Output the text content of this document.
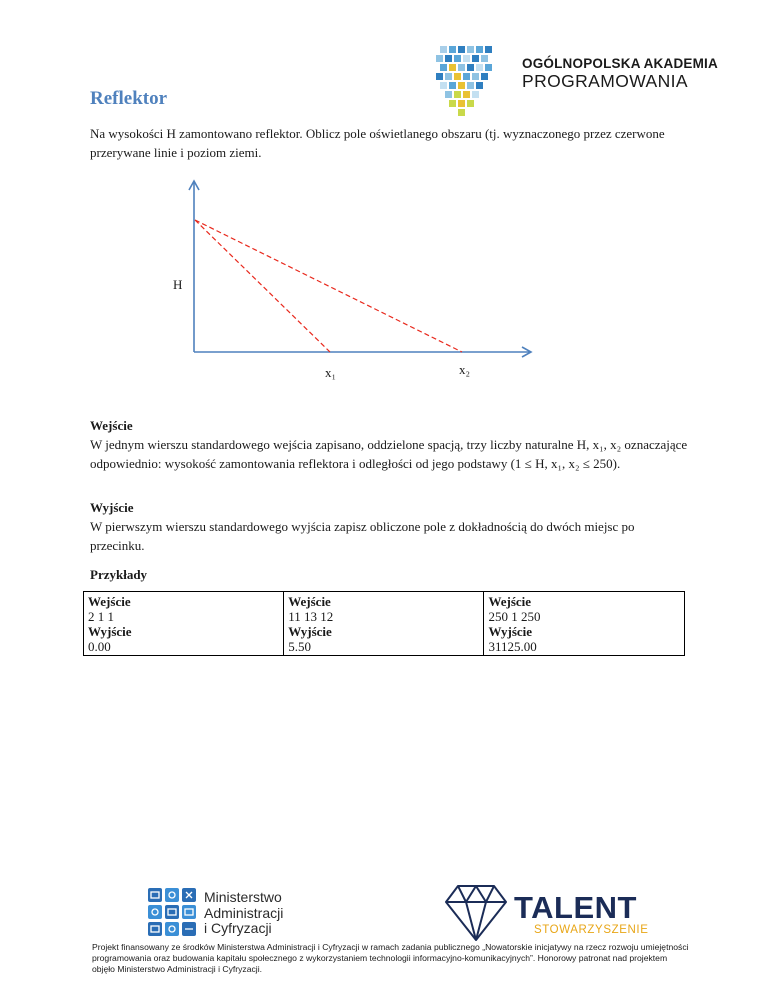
OGÓLNOPOLSKA AKADEMIA
PROGRAMOWANIA
Reflektor
Na wysokości H zamontowano reflektor. Oblicz pole oświetlanego obszaru (tj. wyznaczonego przez czerwone przerywane linie i poziom ziemi.
H
x₁	x₂
Wejście
W jednym wierszu standardowego wejścia zapisano, oddzielone spacją, trzy liczby naturalne H, x₁, x₂ oznaczające odpowiednio: wysokość zamontowania reflektora i odległości od jego podstawy (1 ≤ H, x₁, x₂ ≤ 250).
Wyjście
W pierwszym wierszu standardowego wyjścia zapisz obliczone pole z dokładnością do dwóch miejsc po przecinku.
Przykłady
Wejście
2 1 1
Wyjście
0.00

Wejście
11 13 12
Wyjście
5.50

Wejście
250 1 250
Wyjście
31125.00
Ministerstwo
Administracji
i Cyfryzacji
TALENT
STOWARZYSZENIE
Projekt finansowany ze środków Ministerstwa Administracji i Cyfryzacji w ramach zadania publicznego „Nowatorskie inicjatywy na rzecz rozwoju umiejętności programowania oraz budowania kapitału społecznego z wykorzystaniem technologii informacyjno-komunikacyjnych”. Honorowy patronat nad projektem objęło Ministerstwo Administracji i Cyfryzacji.
